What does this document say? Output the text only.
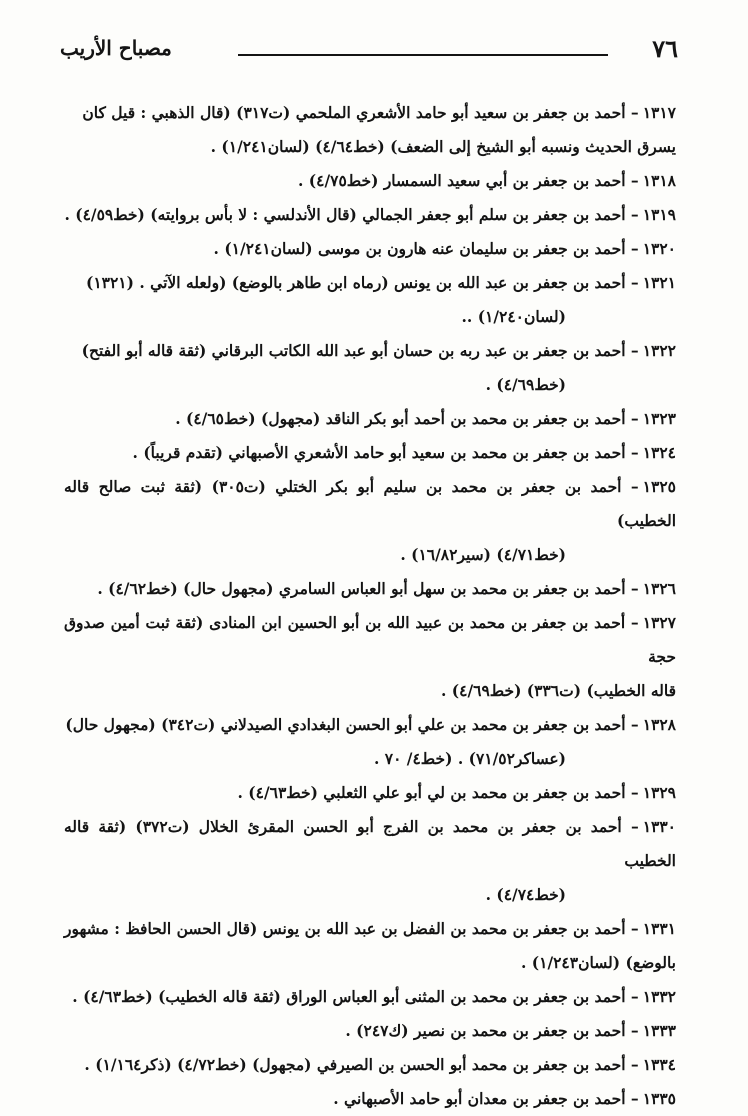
٧٦
مصباح الأريب

١٣١٧– أحمد بن جعفر بن سعيد أبو حامد الأشعري الملحمي (ت٣١٧) (قال الذهبي : قيل كان
يسرق الحديث ونسبه أبو الشيخ إلى الضعف) (خط٤/٦٤) (لسان١/٢٤١) .

١٣١٨– أحمد بن جعفر بن أبي سعيد السمسار (خط٤/٧٥) .

١٣١٩– أحمد بن جعفر بن سلم أبو جعفر الجمالي (قال الأندلسي : لا بأس بروايته) (خط٤/٥٩) .

١٣٢٠– أحمد بن جعفر بن سليمان عنه هارون بن موسى (لسان١/٢٤١) .

١٣٢١– أحمد بن جعفر بن عبد الله بن يونس (رماه ابن طاهر بالوضع) (ولعله الآتي . (١٣٢١)
(لسان١/٢٤٠) ..

١٣٢٢– أحمد بن جعفر بن عبد ربه بن حسان أبو عبد الله الكاتب البرقاني (ثقة قاله أبو الفتح)
(خط٤/٦٩) .

١٣٢٣– أحمد بن جعفر بن محمد بن أحمد أبو بكر الناقد (مجهول) (خط٤/٦٥) .

١٣٢٤– أحمد بن جعفر بن محمد بن سعيد أبو حامد الأشعري الأصبهاني (تقدم قريباً) .

١٣٢٥– أحمد بن جعفر بن محمد بن سليم أبو بكر الختلي (ت٣٠٥) (ثقة ثبت صالح قاله الخطيب)
(خط٤/٧١) (سير١٦/٨٢) .

١٣٢٦– أحمد بن جعفر بن محمد بن سهل أبو العباس السامري (مجهول حال) (خط٤/٦٢) .

١٣٢٧– أحمد بن جعفر بن محمد بن عبيد الله بن أبو الحسين ابن المنادى (ثقة ثبت أمين صدوق حجة
قاله الخطيب) (ت٣٣٦) (خط٤/٦٩) .

١٣٢٨– أحمد بن جعفر بن محمد بن علي أبو الحسن البغدادي الصيدلاني (ت٣٤٢) (مجهول حال)
(عساكر٧١/٥٢) . (خط٤/ ٧٠ .

١٣٢٩– أحمد بن جعفر بن محمد بن لي أبو علي الثعلبي (خط٤/٦٣) .

١٣٣٠– أحمد بن جعفر بن محمد بن الفرج أبو الحسن المقرئ الخلال (ت٣٧٢) (ثقة قاله الخطيب
(خط٤/٧٤) .

١٣٣١– أحمد بن جعفر بن محمد بن الفضل بن عبد الله بن يونس (قال الحسن الحافظ : مشهور
بالوضع) (لسان١/٢٤٣) .

١٣٣٢– أحمد بن جعفر بن محمد بن المثنى أبو العباس الوراق (ثقة قاله الخطيب) (خط٤/٦٣) .

١٣٣٣– أحمد بن جعفر بن محمد بن نصير (ك٢٤٧) .

١٣٣٤– أحمد بن جعفر بن محمد أبو الحسن بن الصيرفي (مجهول) (خط٤/٧٢) (ذكر١/١٦٤) .

١٣٣٥– أحمد بن جعفر بن معدان أبو حامد الأصبهاني .
